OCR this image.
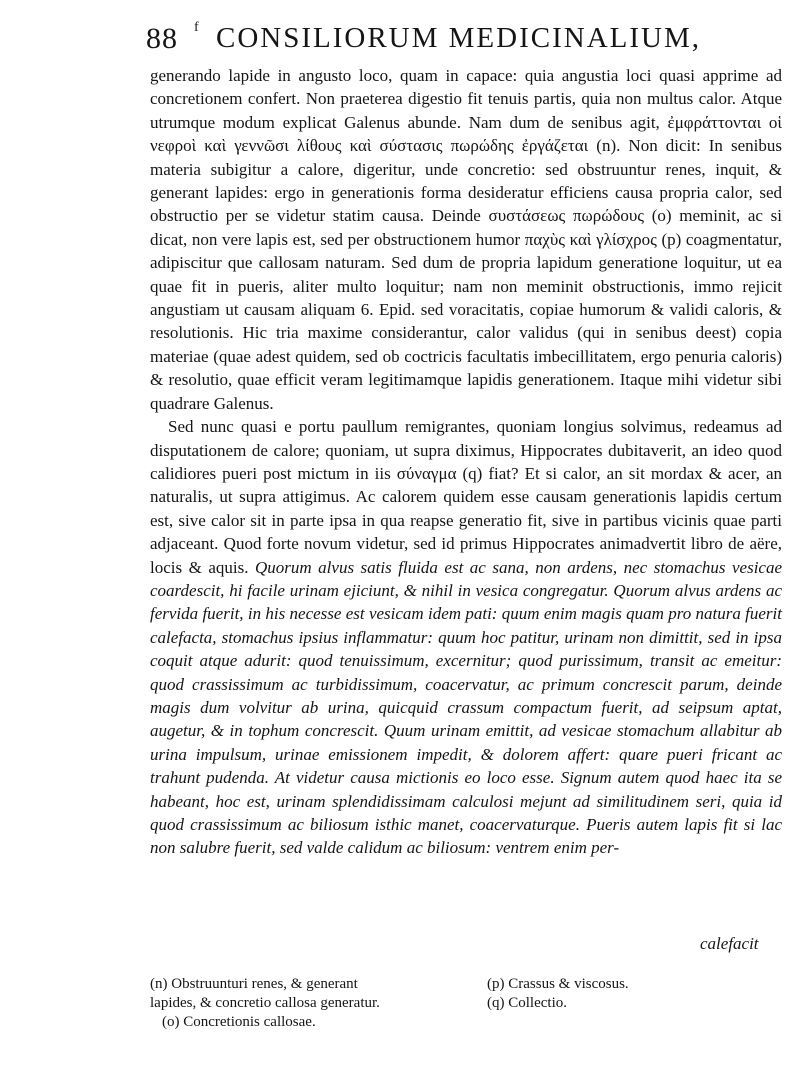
88 f CONSILIORUM MEDICINALIUM,

generando lapide in angusto loco, quam in capace: quia angustia loci quasi apprime ad concretionem confert. Non praeterea digestio fit tenuis partis, quia non multus calor. Atque utrumque modum explicat Galenus abunde. Nam dum de senibus agit, ἐμφράττονται οἱ νεφροὶ καὶ γεννῶσι λίθους καὶ σύστασις πωρώδης ἐργάζεται (n). Non dicit: In senibus materia subigitur a calore, digeritur, unde concretio: sed obstruuntur renes, inquit, & generant lapides: ergo in generationis forma desideratur efficiens causa propria calor, sed obstructio per se videtur statim causa. Deinde συστάσεως πωρώδους (o) meminit, ac si dicat, non vere lapis est, sed per obstructionem humor παχὺς καὶ γλίσχρος (p) coagmentatur, adipiscitur que callosam naturam. Sed dum de propria lapidum generatione loquitur, ut ea quae fit in pueris, aliter multo loquitur; nam non meminit obstructionis, immo rejicit angustiam ut causam aliquam 6. Epid. sed voracitatis, copiae humorum & validi caloris, & resolutionis. Hic tria maxime considerantur, calor validus (qui in senibus deest) copia materiae (quae adest quidem, sed ob coctricis facultatis imbecillitatem, ergo penuria caloris) & resolutio, quae efficit veram legitimamque lapidis generationem. Itaque mihi videtur sibi quadrare Galenus.

Sed nunc quasi e portu paullum remigrantes, quoniam longius solvimus, redeamus ad disputationem de calore; quoniam, ut supra diximus, Hippocrates dubitaverit, an ideo quod calidiores pueri post mictum in iis σύναγμα (q) fiat? Et si calor, an sit mordax & acer, an naturalis, ut supra attigimus. Ac calorem quidem esse causam generationis lapidis certum est, sive calor sit in parte ipsa in qua reapse generatio fit, sive in partibus vicinis quae parti adjaceant. Quod forte novum videtur, sed id primus Hippocrates animadvertit libro de aëre, locis & aquis. Quorum alvus satis fluida est ac sana, non ardens, nec stomachus vesicae coardescit, hi facile urinam ejiciunt, & nihil in vesica congregatur. Quorum alvus ardens ac fervida fuerit, in his necesse est vesicam idem pati: quum enim magis quam pro natura fuerit calefacta, stomachus ipsius inflammatur: quum hoc patitur, urinam non dimittit, sed in ipsa coquit atque adurit: quod tenuissimum, excernitur; quod purissimum, transit ac emeitur: quod crassissimum ac turbidissimum, coacervatur, ac primum concrescit parum, deinde magis dum volvitur ab urina, quicquid crassum compactum fuerit, ad seipsum aptat, augetur, & in tophum concrescit. Quum urinam emittit, ad vesicae stomachum allabitur ab urina impulsum, urinae emissionem impedit, & dolorem affert: quare pueri fricant ac trahunt pudenda. At videtur causa mictionis eo loco esse. Signum autem quod haec ita se habeant, hoc est, urinam splendidissimam calculosi mejunt ad similitudinem seri, quia id quod crassissimum ac biliosum isthic manet, coacervaturque. Pueris autem lapis fit si lac non salubre fuerit, sed valde calidum ac biliosum: ventrem enim per-

calefacit
(n) Obstruunturi renes, & generant
lapides, & concretio callosa generatur.
(o) Concretionis callosae.
(p) Crassus & viscosus.
(q) Collectio.
